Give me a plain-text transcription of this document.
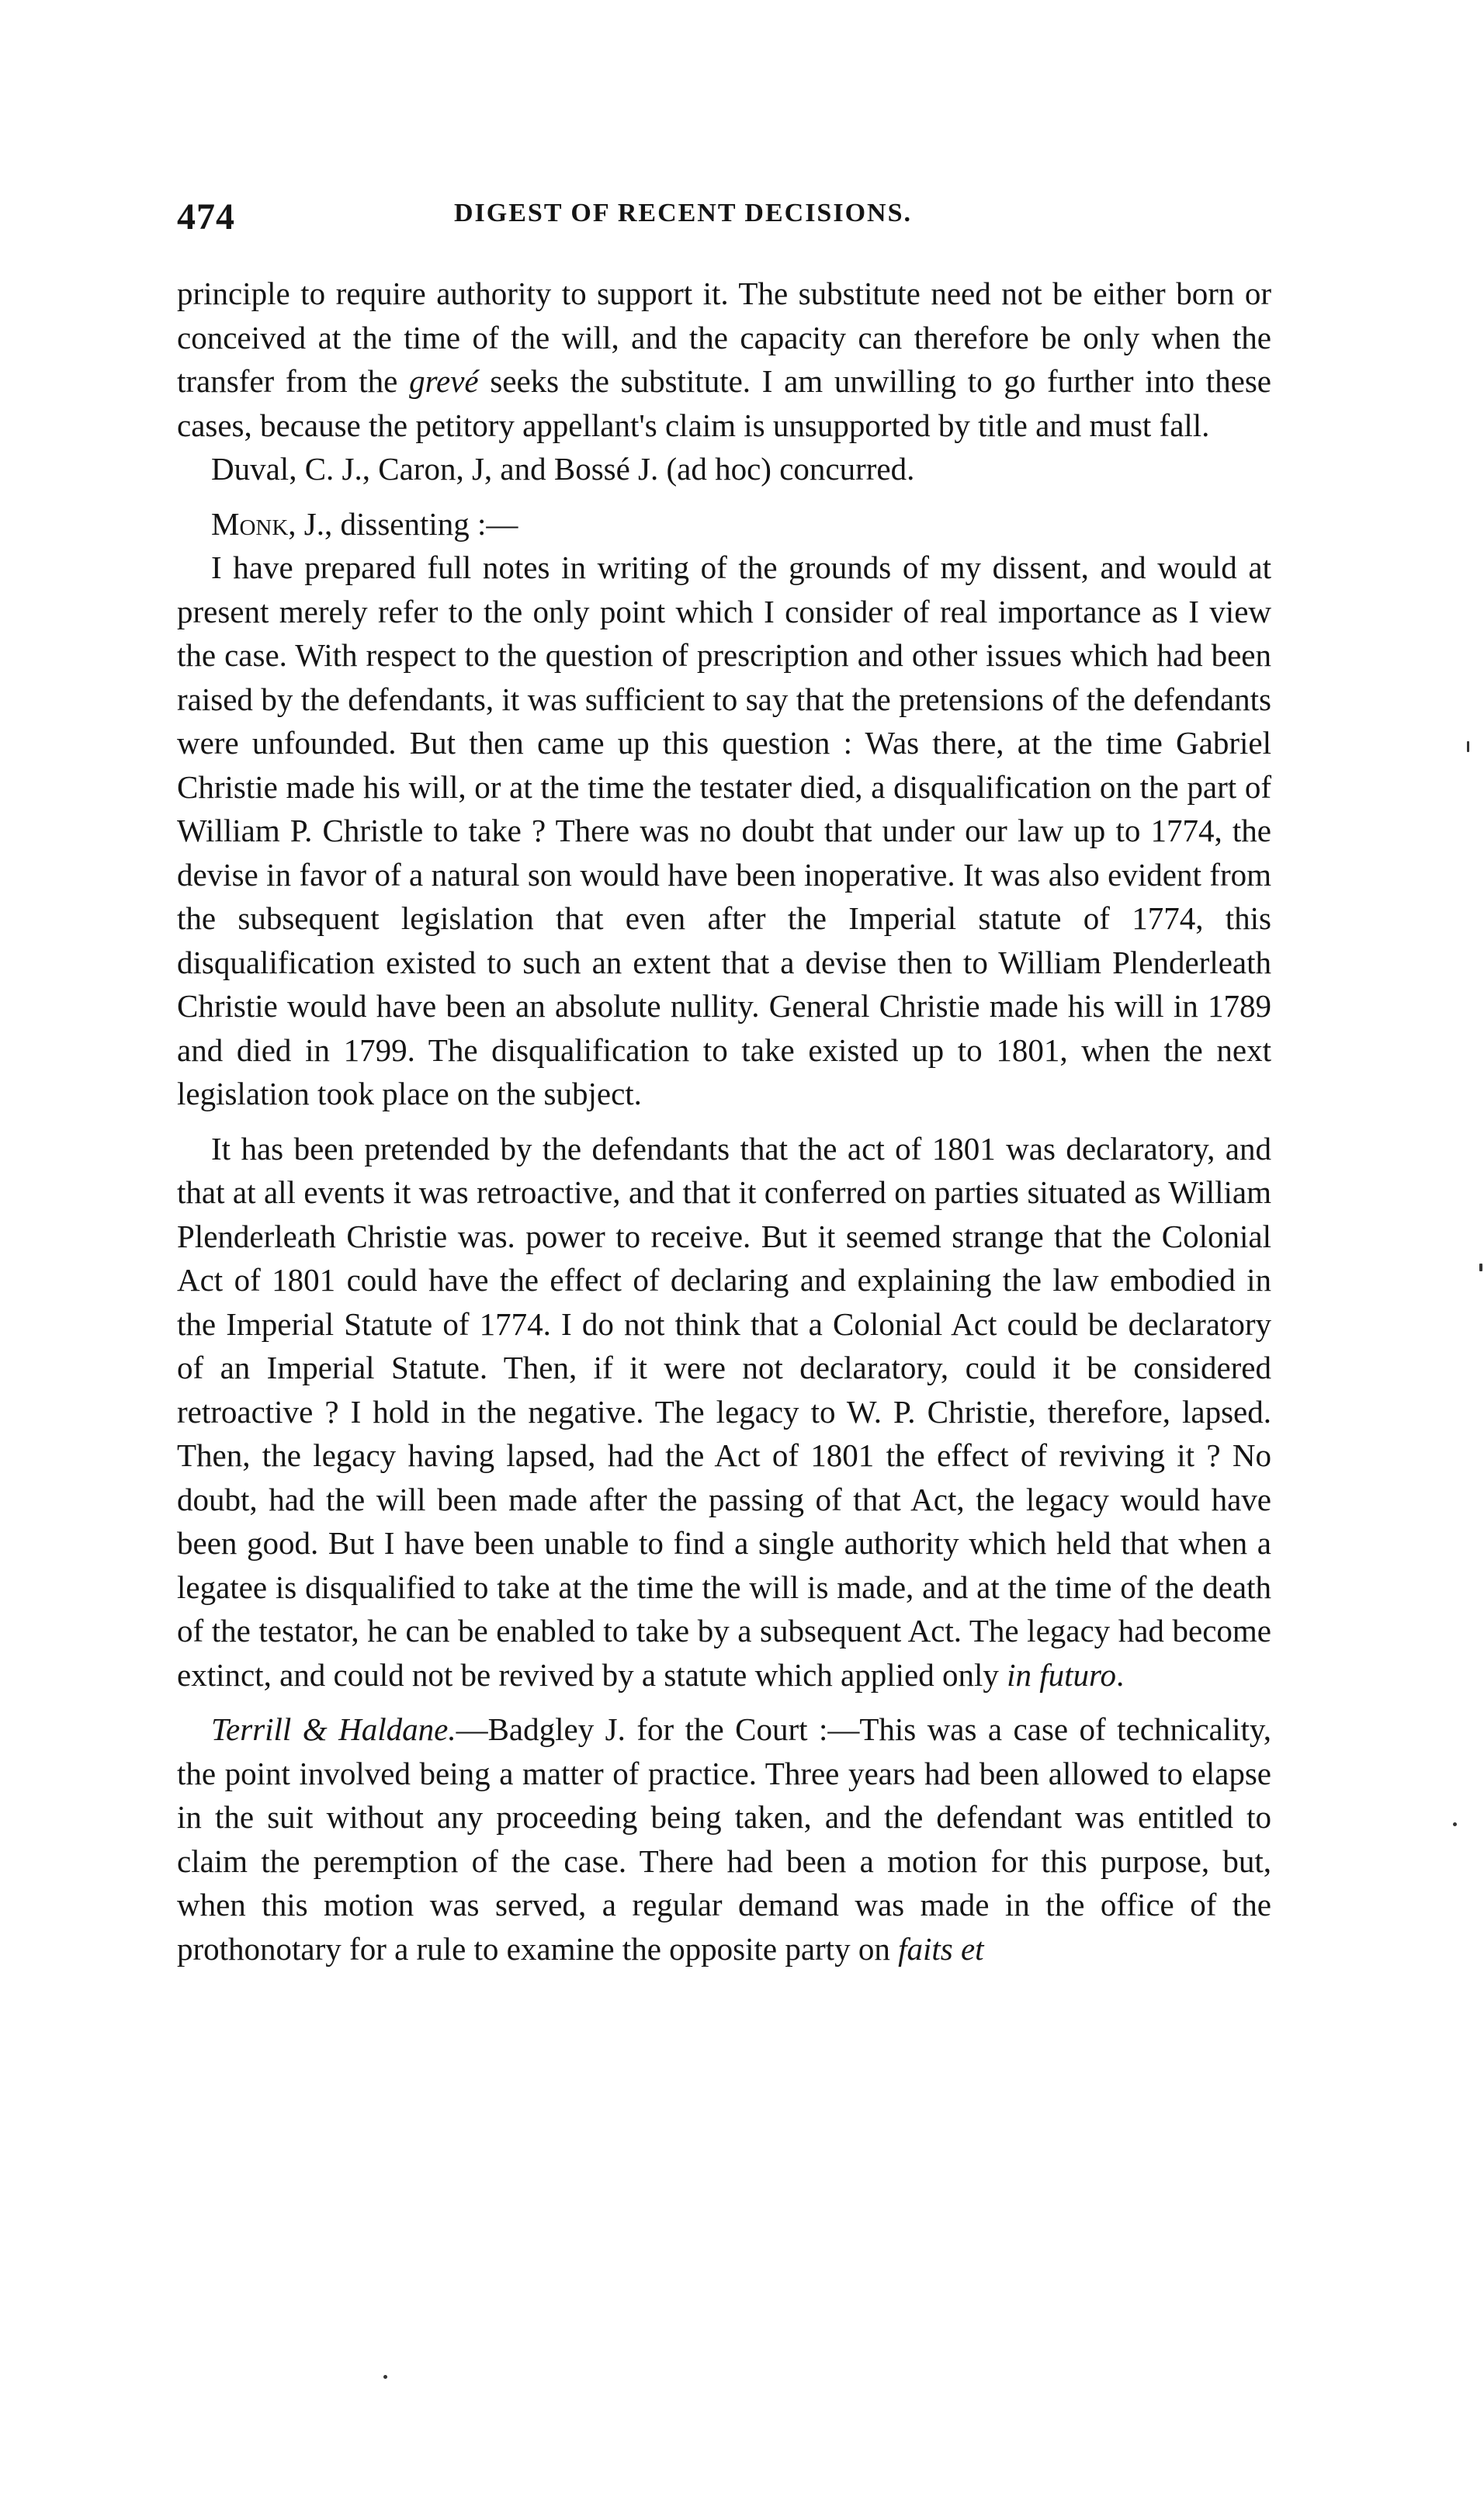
474	DIGEST OF RECENT DECISIONS.

principle to require authority to support it. The substitute need not be either born or conceived at the time of the will, and the capacity can therefore be only when the transfer from the grevé seeks the substitute. I am unwilling to go further into these cases, because the petitory appellant's claim is unsupported by title and must fall.

Duval, C. J., Caron, J, and Bossé J. (ad hoc) concurred.

Monk, J., dissenting :—

I have prepared full notes in writing of the grounds of my dissent, and would at present merely refer to the only point which I consider of real importance as I view the case. With respect to the question of prescription and other issues which had been raised by the defendants, it was sufficient to say that the pretensions of the defendants were unfounded. But then came up this question : Was there, at the time Gabriel Christie made his will, or at the time the testater died, a disqualification on the part of William P. Christle to take ? There was no doubt that under our law up to 1774, the devise in favor of a natural son would have been inoperative. It was also evident from the subsequent legislation that even after the Imperial statute of 1774, this disqualification existed to such an extent that a devise then to William Plenderleath Christie would have been an absolute nullity. General Christie made his will in 1789 and died in 1799. The disqualification to take existed up to 1801, when the next legislation took place on the subject.

It has been pretended by the defendants that the act of 1801 was declaratory, and that at all events it was retroactive, and that it conferred on parties situated as William Plenderleath Christie was. power to receive. But it seemed strange that the Colonial Act of 1801 could have the effect of declaring and explaining the law embodied in the Imperial Statute of 1774. I do not think that a Colonial Act could be declaratory of an Imperial Statute. Then, if it were not declaratory, could it be considered retroactive ? I hold in the negative. The legacy to W. P. Christie, therefore, lapsed. Then, the legacy having lapsed, had the Act of 1801 the effect of reviving it ? No doubt, had the will been made after the passing of that Act, the legacy would have been good. But I have been unable to find a single authority which held that when a legatee is disqualified to take at the time the will is made, and at the time of the death of the testator, he can be enabled to take by a subsequent Act. The legacy had become extinct, and could not be revived by a statute which applied only in futuro.

Terrill & Haldane.—Badgley J. for the Court :—This was a case of technicality, the point involved being a matter of practice. Three years had been allowed to elapse in the suit without any proceeding being taken, and the defendant was entitled to claim the peremption of the case. There had been a motion for this purpose, but, when this motion was served, a regular demand was made in the office of the prothonotary for a rule to examine the opposite party on faits et
